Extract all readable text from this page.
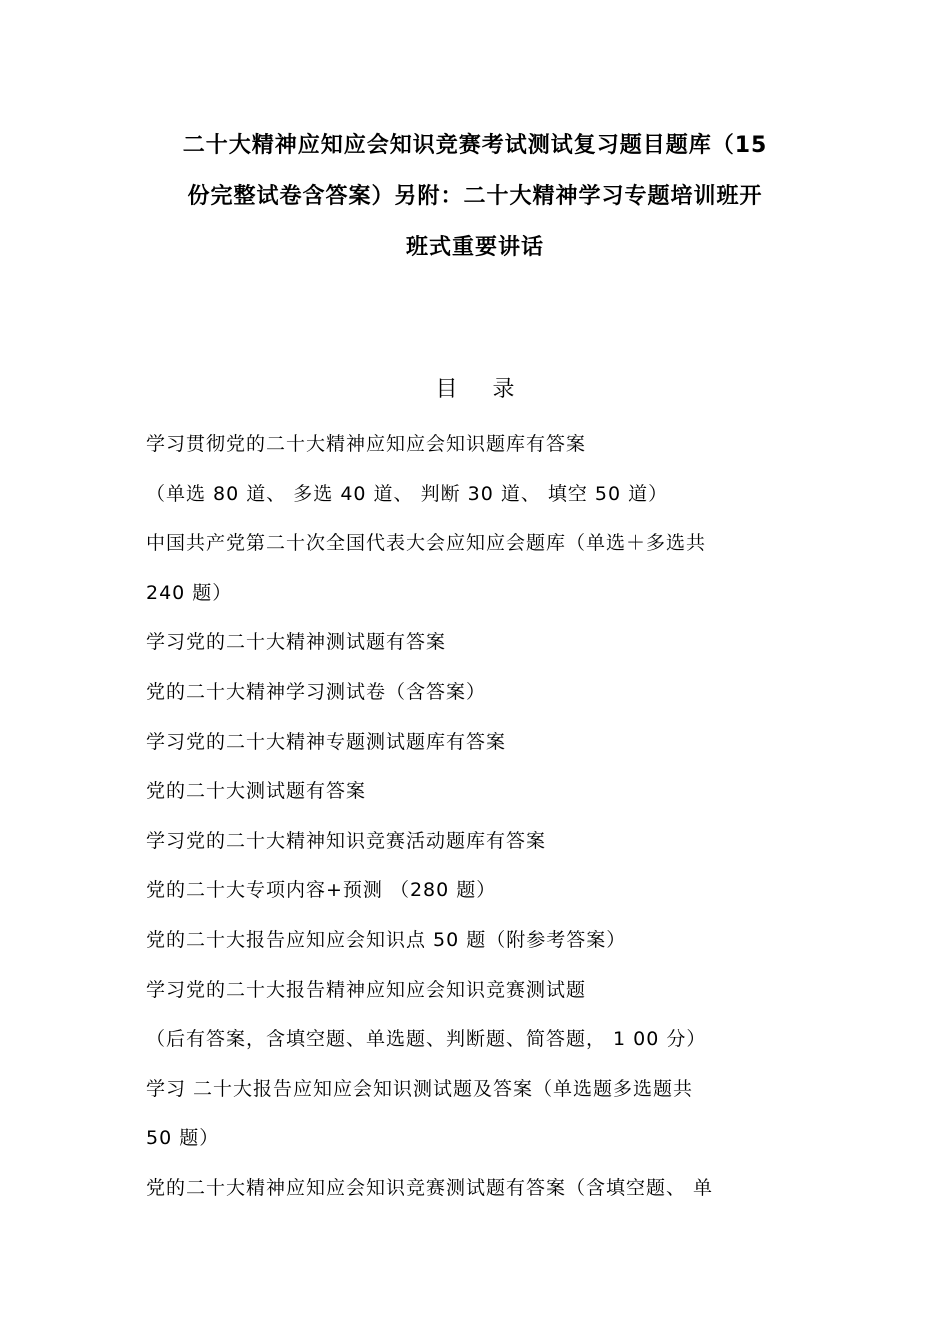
二十大精神应知应会知识竞赛考试测试复习题目题库（15
份完整试卷含答案）另附：二十大精神学习专题培训班开
班式重要讲话
目 录
学习贯彻党的二十大精神应知应会知识题库有答案
（单选 80 道、 多选 40 道、 判断 30 道、 填空 50 道）
中国共产党第二十次全国代表大会应知应会题库（单选＋多选共
240 题）
学习党的二十大精神测试题有答案
党的二十大精神学习测试卷（含答案）
学习党的二十大精神专题测试题库有答案
党的二十大测试题有答案
学习党的二十大精神知识竞赛活动题库有答案
党的二十大专项内容+预测 （280 题）
党的二十大报告应知应会知识点 50 题（附参考答案）
学习党的二十大报告精神应知应会知识竞赛测试题
（后有答案，含填空题、单选题、判断题、简答题， 1 00 分）
学习 二十大报告应知应会知识测试题及答案（单选题多选题共
50 题）
党的二十大精神应知应会知识竞赛测试题有答案（含填空题、 单
